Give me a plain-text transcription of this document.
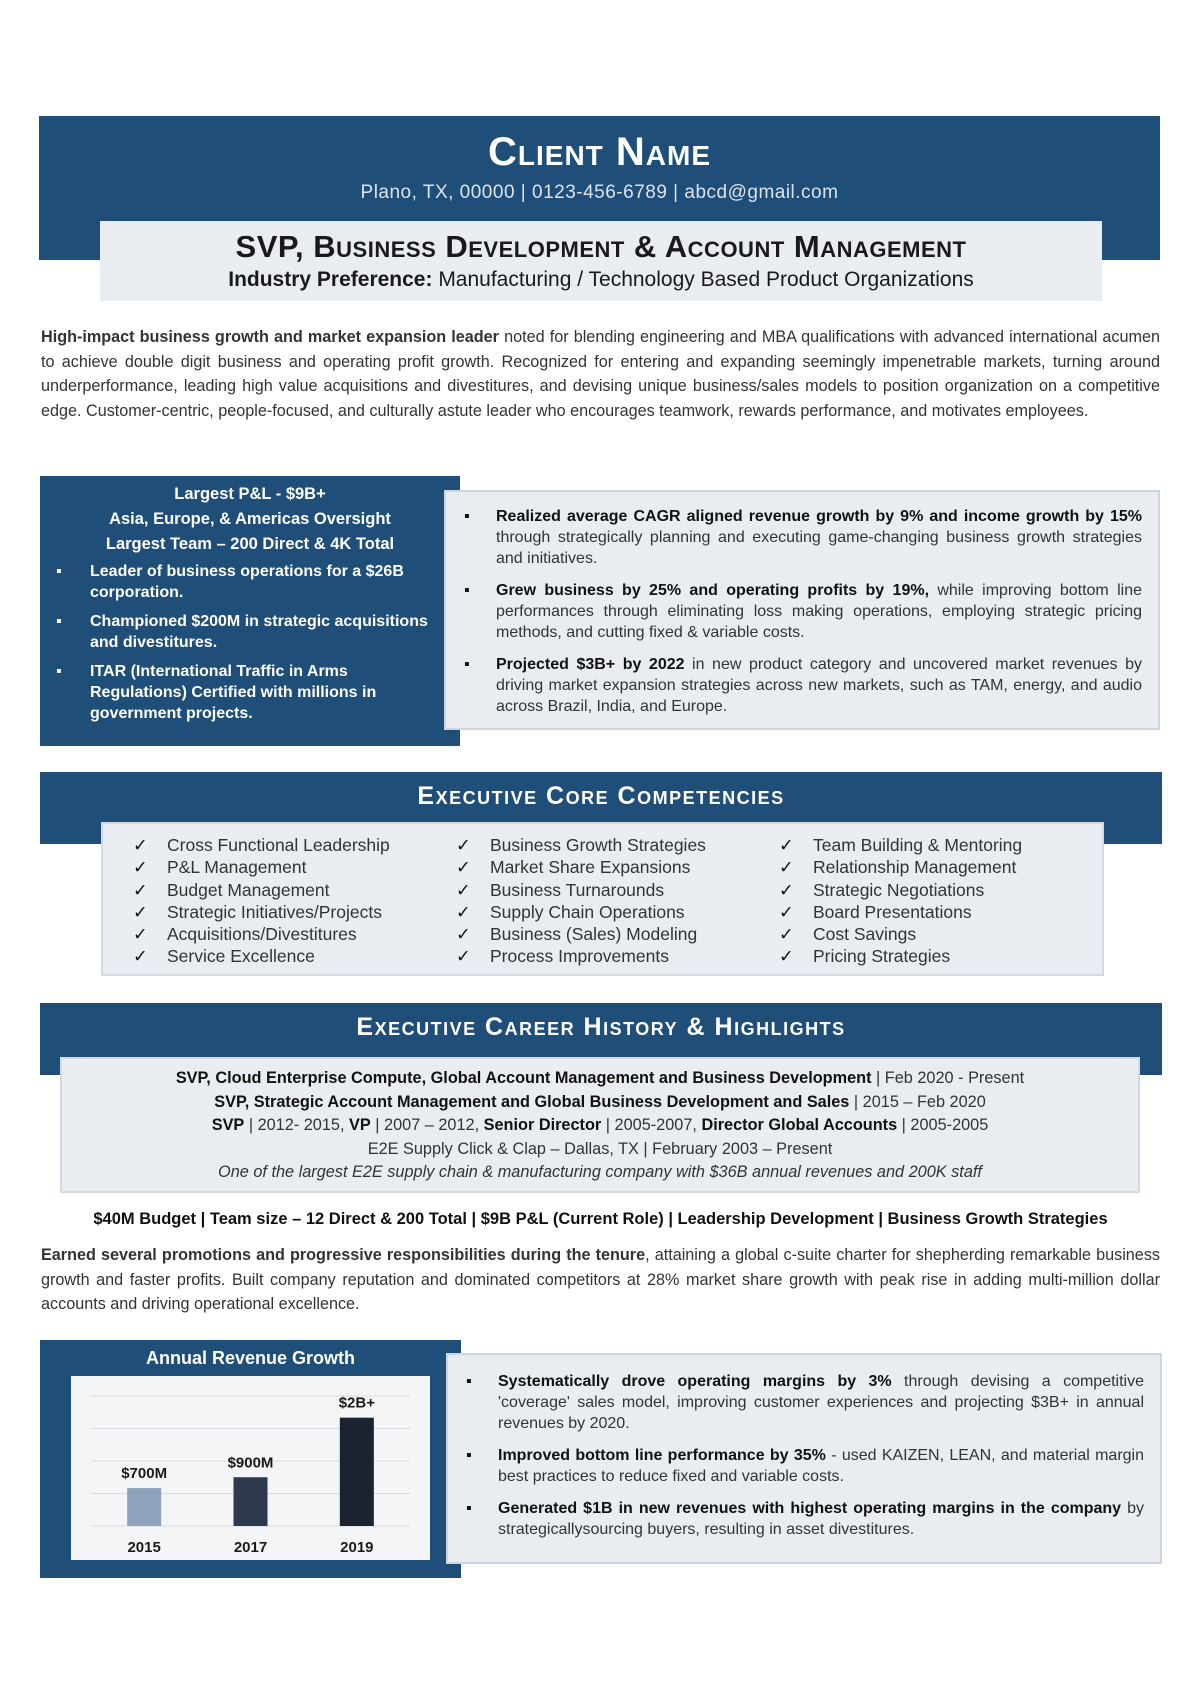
Client Name
Plano, TX, 00000 | 0123-456-6789 | abcd@gmail.com
SVP, Business Development & Account Management
Industry Preference: Manufacturing / Technology Based Product Organizations
High-impact business growth and market expansion leader noted for blending engineering and MBA qualifications with advanced international acumen to achieve double digit business and operating profit growth. Recognized for entering and expanding seemingly impenetrable markets, turning around underperformance, leading high value acquisitions and divestitures, and devising unique business/sales models to position organization on a competitive edge. Customer-centric, people-focused, and culturally astute leader who encourages teamwork, rewards performance, and motivates employees.
Largest P&L - $9B+
Asia, Europe, & Americas Oversight
Largest Team – 200 Direct & 4K Total
▪ Leader of business operations for a $26B corporation.
▪ Championed $200M in strategic acquisitions and divestitures.
▪ ITAR (International Traffic in Arms Regulations) Certified with millions in government projects.
▪ Realized average CAGR aligned revenue growth by 9% and income growth by 15% through strategically planning and executing game-changing business growth strategies and initiatives.
▪ Grew business by 25% and operating profits by 19%, while improving bottom line performances through eliminating loss making operations, employing strategic pricing methods, and cutting fixed & variable costs.
▪ Projected $3B+ by 2022 in new product category and uncovered market revenues by driving market expansion strategies across new markets, such as TAM, energy, and audio across Brazil, India, and Europe.
Executive Core Competencies
✓ Cross Functional Leadership
✓ P&L Management
✓ Budget Management
✓ Strategic Initiatives/Projects
✓ Acquisitions/Divestitures
✓ Service Excellence
✓ Business Growth Strategies
✓ Market Share Expansions
✓ Business Turnarounds
✓ Supply Chain Operations
✓ Business (Sales) Modeling
✓ Process Improvements
✓ Team Building & Mentoring
✓ Relationship Management
✓ Strategic Negotiations
✓ Board Presentations
✓ Cost Savings
✓ Pricing Strategies
Executive Career History & Highlights
SVP, Cloud Enterprise Compute, Global Account Management and Business Development | Feb 2020 - Present
SVP, Strategic Account Management and Global Business Development and Sales | 2015 – Feb 2020
SVP | 2012- 2015, VP | 2007 – 2012, Senior Director | 2005-2007, Director Global Accounts | 2005-2005
E2E Supply Click & Clap – Dallas, TX | February 2003 – Present
One of the largest E2E supply chain & manufacturing company with $36B annual revenues and 200K staff
$40M Budget | Team size – 12 Direct & 200 Total | $9B P&L (Current Role) | Leadership Development | Business Growth Strategies
Earned several promotions and progressive responsibilities during the tenure, attaining a global c-suite charter for shepherding remarkable business growth and faster profits. Built company reputation and dominated competitors at 28% market share growth with peak rise in adding multi-million dollar accounts and driving operational excellence.
Annual Revenue Growth
$700M
2015
$900M
2017
$2B+
2019
▪ Systematically drove operating margins by 3% through devising a competitive 'coverage' sales model, improving customer experiences and projecting $3B+ in annual revenues by 2020.
▪ Improved bottom line performance by 35% - used KAIZEN, LEAN, and material margin best practices to reduce fixed and variable costs.
▪ Generated $1B in new revenues with highest operating margins in the company by strategicallysourcing buyers, resulting in asset divestitures.
